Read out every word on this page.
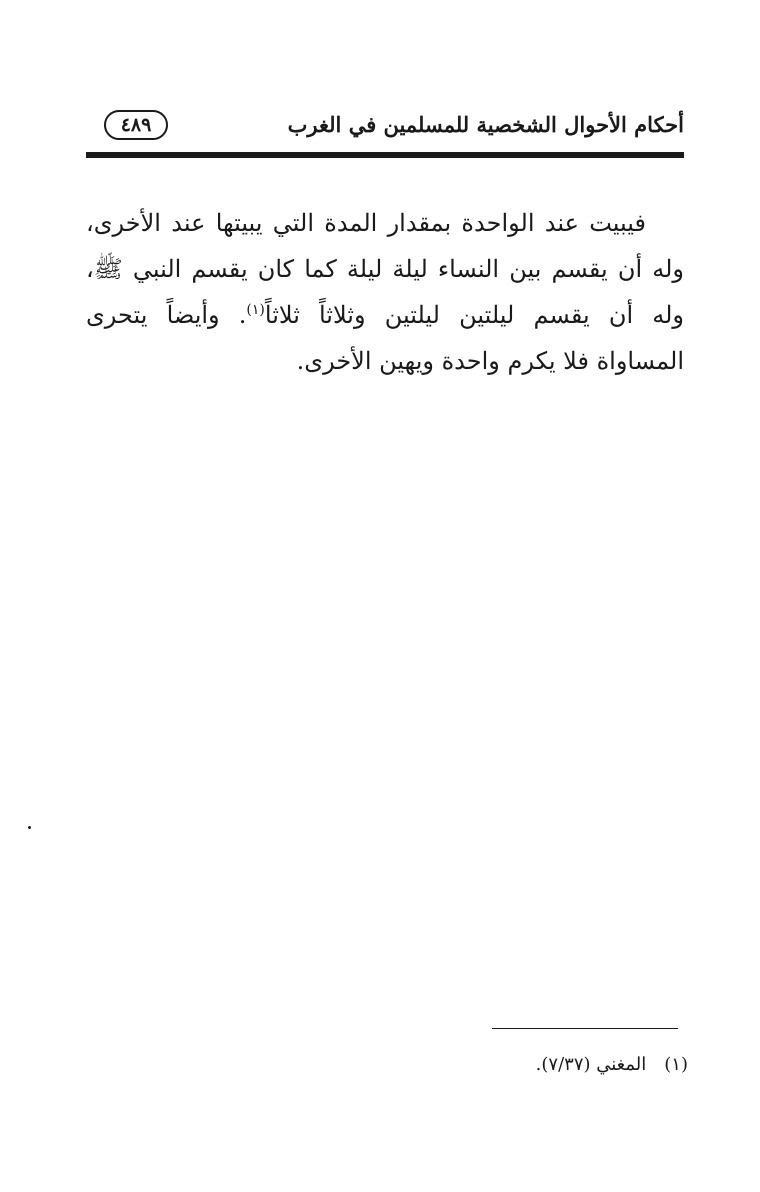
أحكام الأحوال الشخصية للمسلمين في الغرب
٤٨٩

فيبيت عند الواحدة بمقدار المدة التي يبيتها عند الأخرى، وله أن يقسم بين النساء ليلة ليلة كما كان يقسم النبي ﷺ، وله أن يقسم ليلتين ليلتين وثلاثاً ثلاثاً$^{(١)}$. وأيضاً يتحرى المساواة فلا يكرم واحدة ويهين الأخرى.

(١)المغني (٧/٣٧).
